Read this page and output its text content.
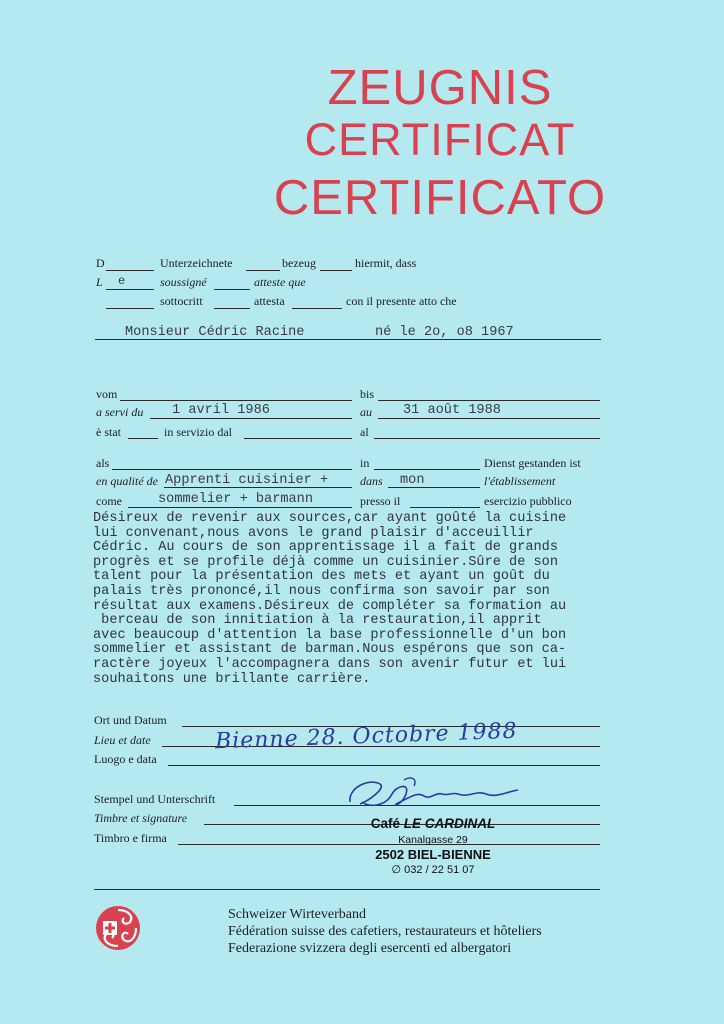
ZEUGNIS
CERTIFICAT
CERTIFICATO
D	Unterzeichnete	bezeug	hiermit, dass
L e	soussigné	atteste que
sottocritt	attesta	con il presente atto che
Monsieur Cédric Racine	né le 2o, o8 1967
vom	bis
a servi du 1 avril 1986	au 31 août 1988
è stat	in servizio dal	al
als	in	Dienst gestanden ist
en qualité de Apprenti cuisinier +	dans mon	l'établissement
come	sommelier + barmann	presso il	esercizio pubblico
Désireux de revenir aux sources,car ayant goûté la cuisine
lui convenant,nous avons le grand plaisir d'acceuillir
Cédric. Au cours de son apprentissage il a fait de grands
progrès et se profile déjà comme un cuisinier.Sûre de son
talent pour la présentation des mets et ayant un goût du
palais très prononcé,il nous confirma son savoir par son
résultat aux examens.Désireux de compléter sa formation au
berceau de son innitiation à la restauration,il apprit
avec beaucoup d'attention la base professionnelle d'un bon
sommelier et assistant de barman.Nous espérons que son ca-
ractère joyeux l'accompagnera dans son avenir futur et lui
souhaitons une brillante carrière.
Ort und Datum
Lieu et date
Luogo e data
Bienne 28. Octobre 1988
Stempel und Unterschrift
Timbre et signature
Timbro e firma
Café LE CARDINAL
Kanalgasse 29
2502 BIEL-BIENNE
∅ 032 / 22 51 07
Schweizer Wirteverband
Fédération suisse des cafetiers, restaurateurs et hôteliers
Federazione svizzera degli esercenti ed albergatori
